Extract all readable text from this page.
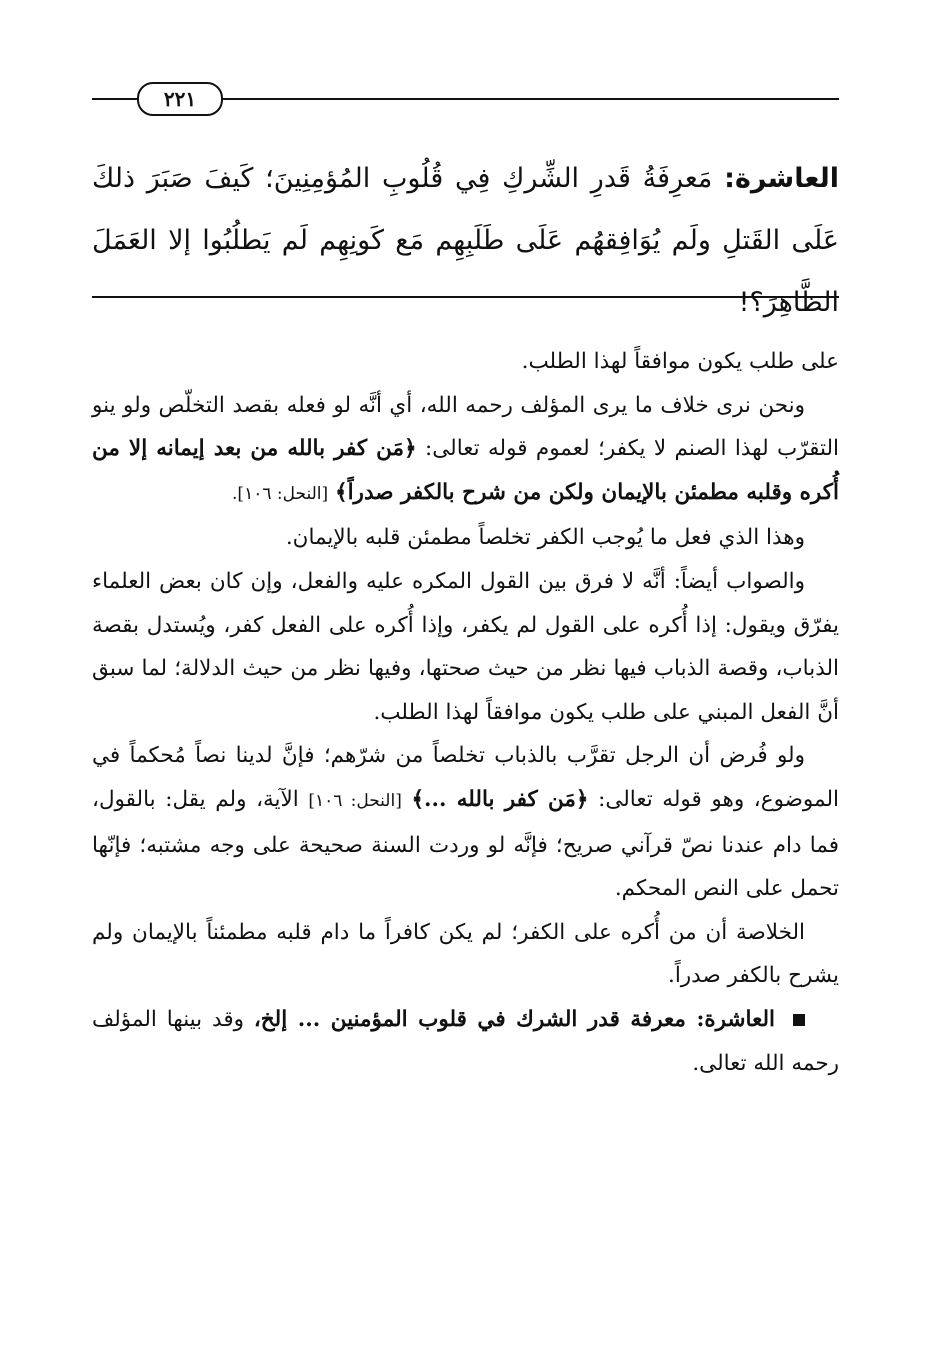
٢٢١
العاشرة: مَعرِفَةُ قَدرِ الشِّركِ فِي قُلُوبِ المُؤمِنِينَ؛ كَيفَ صَبَرَ ذلكَ عَلَى القَتلِ ولَم يُوَافِقهُم عَلَى طَلَبِهِم مَع كَونِهِم لَم يَطلُبُوا إلا العَمَلَ الظَّاهِرَ؟!

على طلب يكون موافقاً لهذا الطلب.

ونحن نرى خلاف ما يرى المؤلف رحمه الله، أي أنَّه لو فعله بقصد التخلّص ولو ينو التقرّب لهذا الصنم لا يكفر؛ لعموم قوله تعالى: ﴿مَن كفر بالله من بعد إيمانه إلا من أُكره وقلبه مطمئن بالإيمان ولكن من شرح بالكفر صدراً﴾ [النحل: ١٠٦].

وهذا الذي فعل ما يُوجب الكفر تخلصاً مطمئن قلبه بالإيمان.

والصواب أيضاً: أنَّه لا فرق بين القول المكره عليه والفعل، وإن كان بعض العلماء يفرّق ويقول: إذا أُكره على القول لم يكفر، وإذا أُكره على الفعل كفر، ويُستدل بقصة الذباب، وقصة الذباب فيها نظر من حيث صحتها، وفيها نظر من حيث الدلالة؛ لما سبق أنَّ الفعل المبني على طلب يكون موافقاً لهذا الطلب.

ولو فُرض أن الرجل تقرَّب بالذباب تخلصاً من شرّهم؛ فإنَّ لدينا نصاً مُحكماً في الموضوع، وهو قوله تعالى: ﴿مَن كفر بالله ...﴾ [النحل: ١٠٦] الآية، ولم يقل: بالقول، فما دام عندنا نصّ قرآني صريح؛ فإنَّه لو وردت السنة صحيحة على وجه مشتبه؛ فإنّها تحمل على النص المحكم.

الخلاصة أن من أُكره على الكفر؛ لم يكن كافراً ما دام قلبه مطمئناً بالإيمان ولم يشرح بالكفر صدراً.

العاشرة: معرفة قدر الشرك في قلوب المؤمنين ... إلخ، وقد بينها المؤلف رحمه الله تعالى.
